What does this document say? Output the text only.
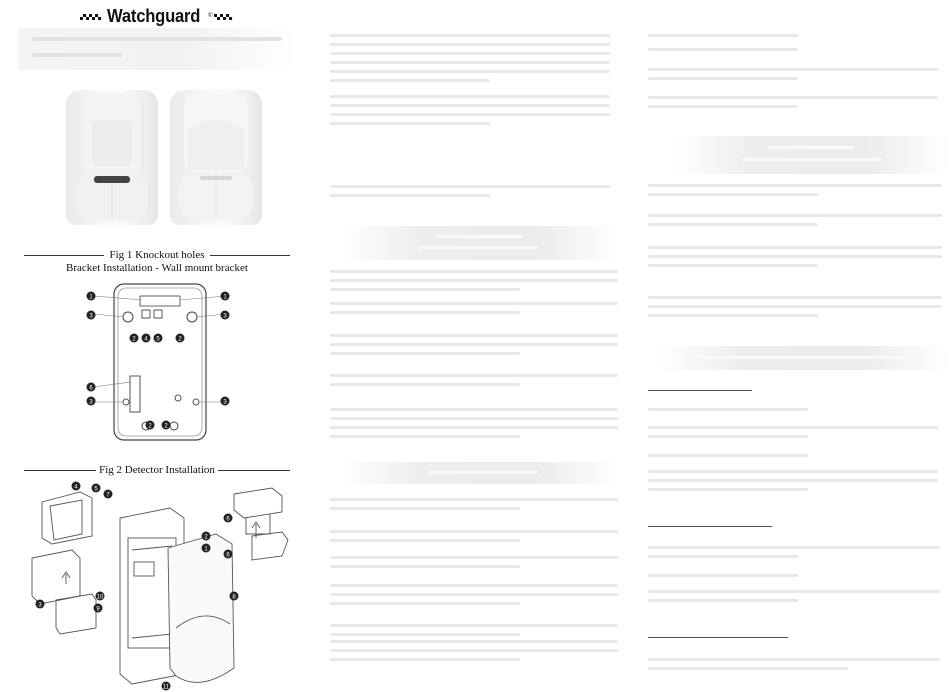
Watchguard ®
Fig 1 Knockout holes
Bracket Installation - Wall mount bracket
1	1
3	3
2 4 5	2
6
3	3
2 2
Fig 2 Detector Installation
4	5
7
2
1
3
6
6
10
9
8
11
